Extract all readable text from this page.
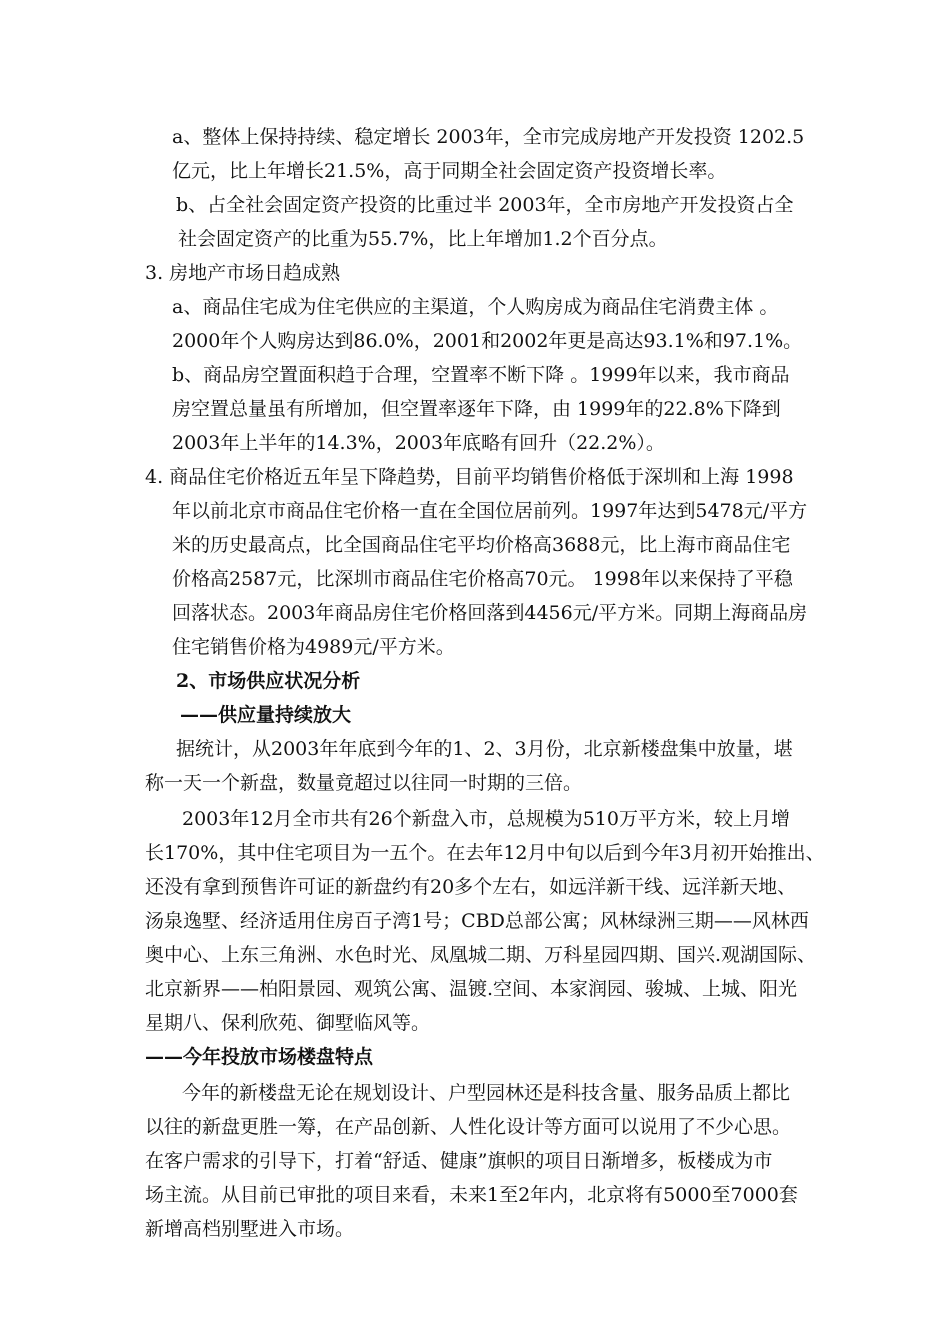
a、整体上保持持续、稳定增长 2003年，全市完成房地产开发投资 1202.5
亿元，比上年增长21.5%，高于同期全社会固定资产投资增长率。
b、占全社会固定资产投资的比重过半 2003年，全市房地产开发投资占全
社会固定资产的比重为55.7%，比上年增加1.2个百分点。
3. 房地产市场日趋成熟
a、商品住宅成为住宅供应的主渠道，个人购房成为商品住宅消费主体 。
2000年个人购房达到86.0%，2001和2002年更是高达93.1%和97.1%。
b、商品房空置面积趋于合理，空置率不断下降 。1999年以来，我市商品
房空置总量虽有所增加，但空置率逐年下降，由 1999年的22.8%下降到
2003年上半年的14.3%，2003年底略有回升（22.2%）。
4. 商品住宅价格近五年呈下降趋势，目前平均销售价格低于深圳和上海 1998
年以前北京市商品住宅价格一直在全国位居前列。1997年达到5478元/平方
米的历史最高点，比全国商品住宅平均价格高3688元，比上海市商品住宅
价格高2587元，比深圳市商品住宅价格高70元。 1998年以来保持了平稳
回落状态。2003年商品房住宅价格回落到4456元/平方米。同期上海商品房
住宅销售价格为4989元/平方米。
2、市场供应状况分析
——供应量持续放大
据统计，从2003年年底到今年的1、2、3月份，北京新楼盘集中放量，堪
称一天一个新盘，数量竟超过以往同一时期的三倍。
2003年12月全市共有26个新盘入市，总规模为510万平方米，较上月增
长170%，其中住宅项目为一五个。在去年12月中旬以后到今年3月初开始推出、
还没有拿到预售许可证的新盘约有20多个左右，如远洋新干线、远洋新天地、
汤泉逸墅、经济适用住房百子湾1号；CBD总部公寓；风林绿洲三期——风林西
奥中心、上东三角洲、水色时光、凤凰城二期、万科星园四期、国兴.观湖国际、
北京新界——柏阳景园、观筑公寓、温镀.空间、本家润园、骏城、上城、阳光
星期八、保利欣苑、御墅临风等。
——今年投放市场楼盘特点
今年的新楼盘无论在规划设计、户型园林还是科技含量、服务品质上都比
以往的新盘更胜一筹，在产品创新、人性化设计等方面可以说用了不少心思。
在客户需求的引导下，打着“舒适、健康”旗帜的项目日渐增多，板楼成为市
场主流。从目前已审批的项目来看，未来1至2年内，北京将有5000至7000套
新增高档别墅进入市场。
